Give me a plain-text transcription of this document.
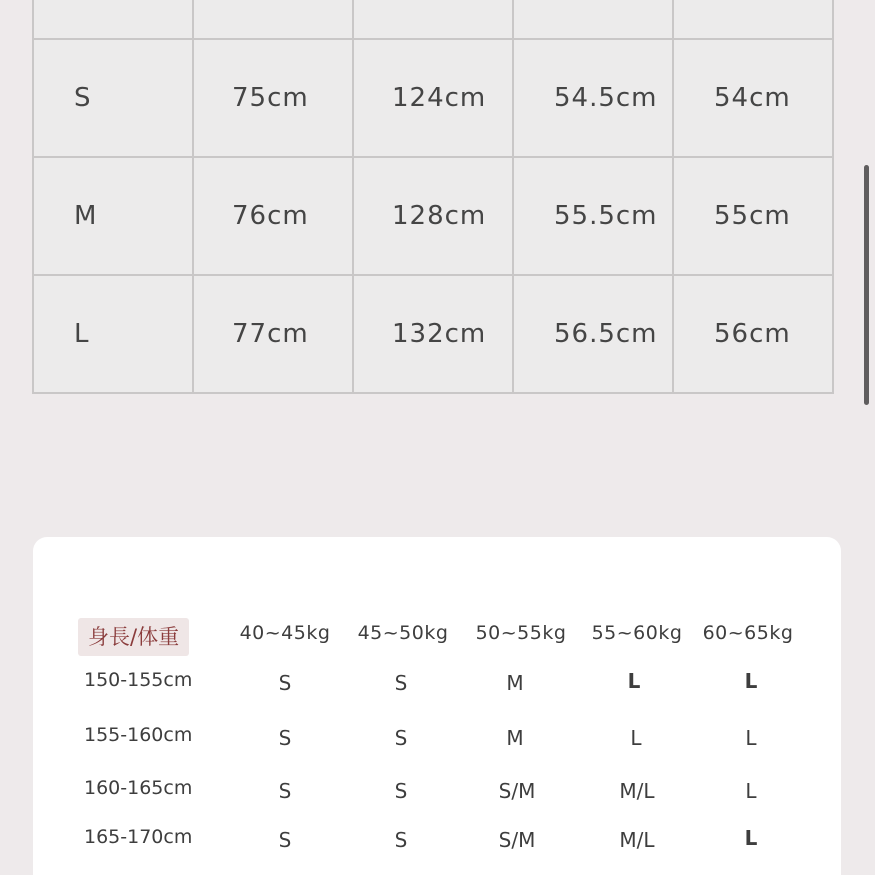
S	75cm	124cm	54.5cm	54cm

M	76cm	128cm	55.5cm	55cm

L	77cm	132cm	56.5cm	56cm
身長/体重	40~45kg 45~50kg 50~55kg 55~60kg 60~65kg
150-155cm	S	S	M	L	L
155-160cm	S	S	M	L	L
160-165cm	S	S	S/M	M/L	L
165-170cm	S	S	S/M	M/L	L
